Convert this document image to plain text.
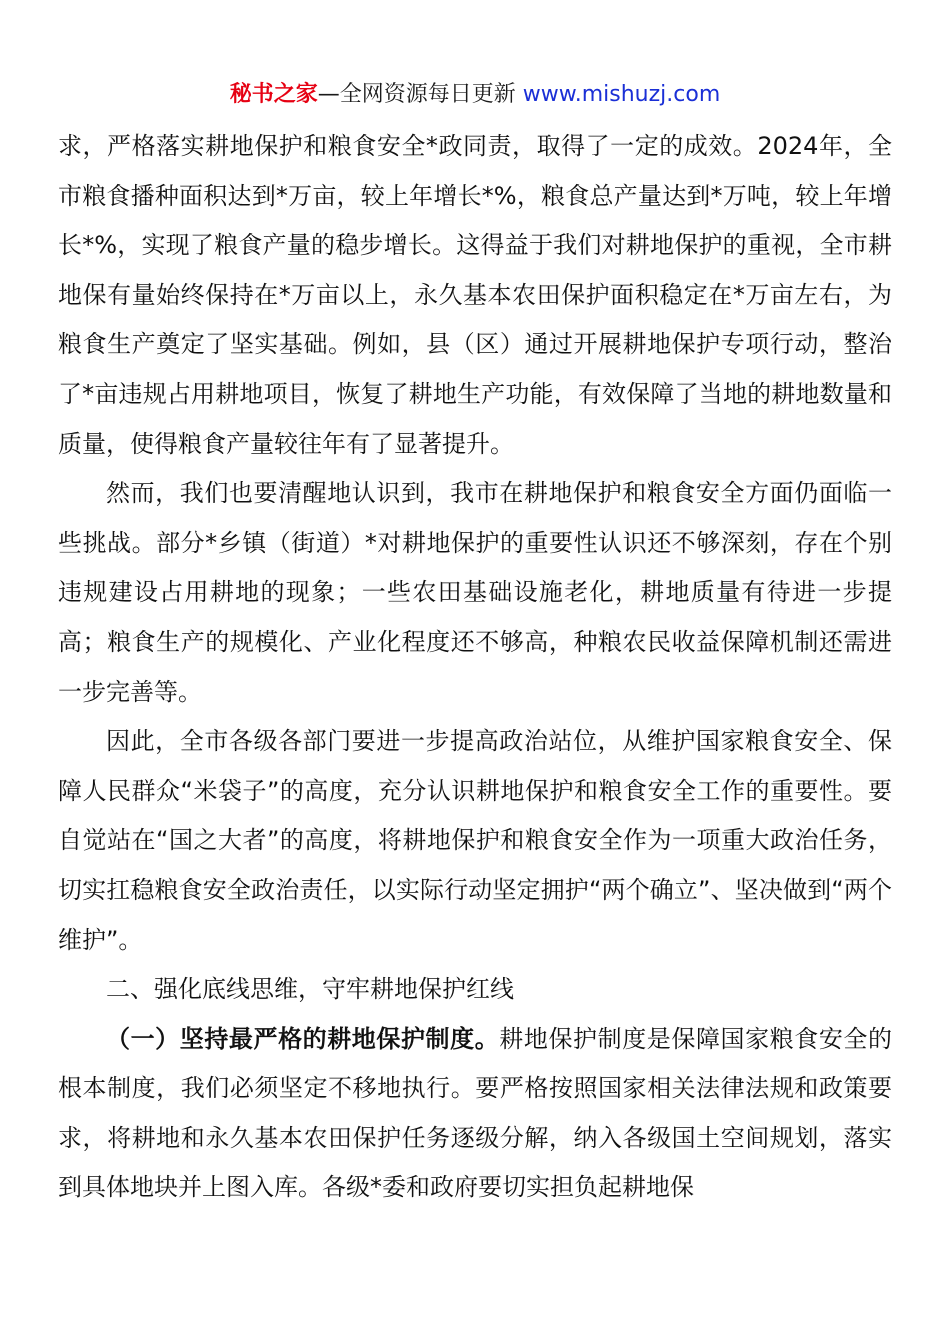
秘书之家—全网资源每日更新 www.mishuzj.com

求，严格落实耕地保护和粮食安全*政同责，取得了一定的成效。2024年，全市粮食播种面积达到*万亩，较上年增长*%，粮食总产量达到*万吨，较上年增长*%，实现了粮食产量的稳步增长。这得益于我们对耕地保护的重视，全市耕地保有量始终保持在*万亩以上，永久基本农田保护面积稳定在*万亩左右，为粮食生产奠定了坚实基础。例如，县（区）通过开展耕地保护专项行动，整治了*亩违规占用耕地项目，恢复了耕地生产功能，有效保障了当地的耕地数量和质量，使得粮食产量较往年有了显著提升。

然而，我们也要清醒地认识到，我市在耕地保护和粮食安全方面仍面临一些挑战。部分*乡镇（街道）*对耕地保护的重要性认识还不够深刻，存在个别违规建设占用耕地的现象；一些农田基础设施老化，耕地质量有待进一步提高；粮食生产的规模化、产业化程度还不够高，种粮农民收益保障机制还需进一步完善等。

因此，全市各级各部门要进一步提高政治站位，从维护国家粮食安全、保障人民群众“米袋子”的高度，充分认识耕地保护和粮食安全工作的重要性。要自觉站在“国之大者”的高度，将耕地保护和粮食安全作为一项重大政治任务，切实扛稳粮食安全政治责任，以实际行动坚定拥护“两个确立”、坚决做到“两个维护”。

二、强化底线思维，守牢耕地保护红线

（一）坚持最严格的耕地保护制度。耕地保护制度是保障国家粮食安全的根本制度，我们必须坚定不移地执行。要严格按照国家相关法律法规和政策要求，将耕地和永久基本农田保护任务逐级分解，纳入各级国土空间规划，落实到具体地块并上图入库。各级*委和政府要切实担负起耕地保
